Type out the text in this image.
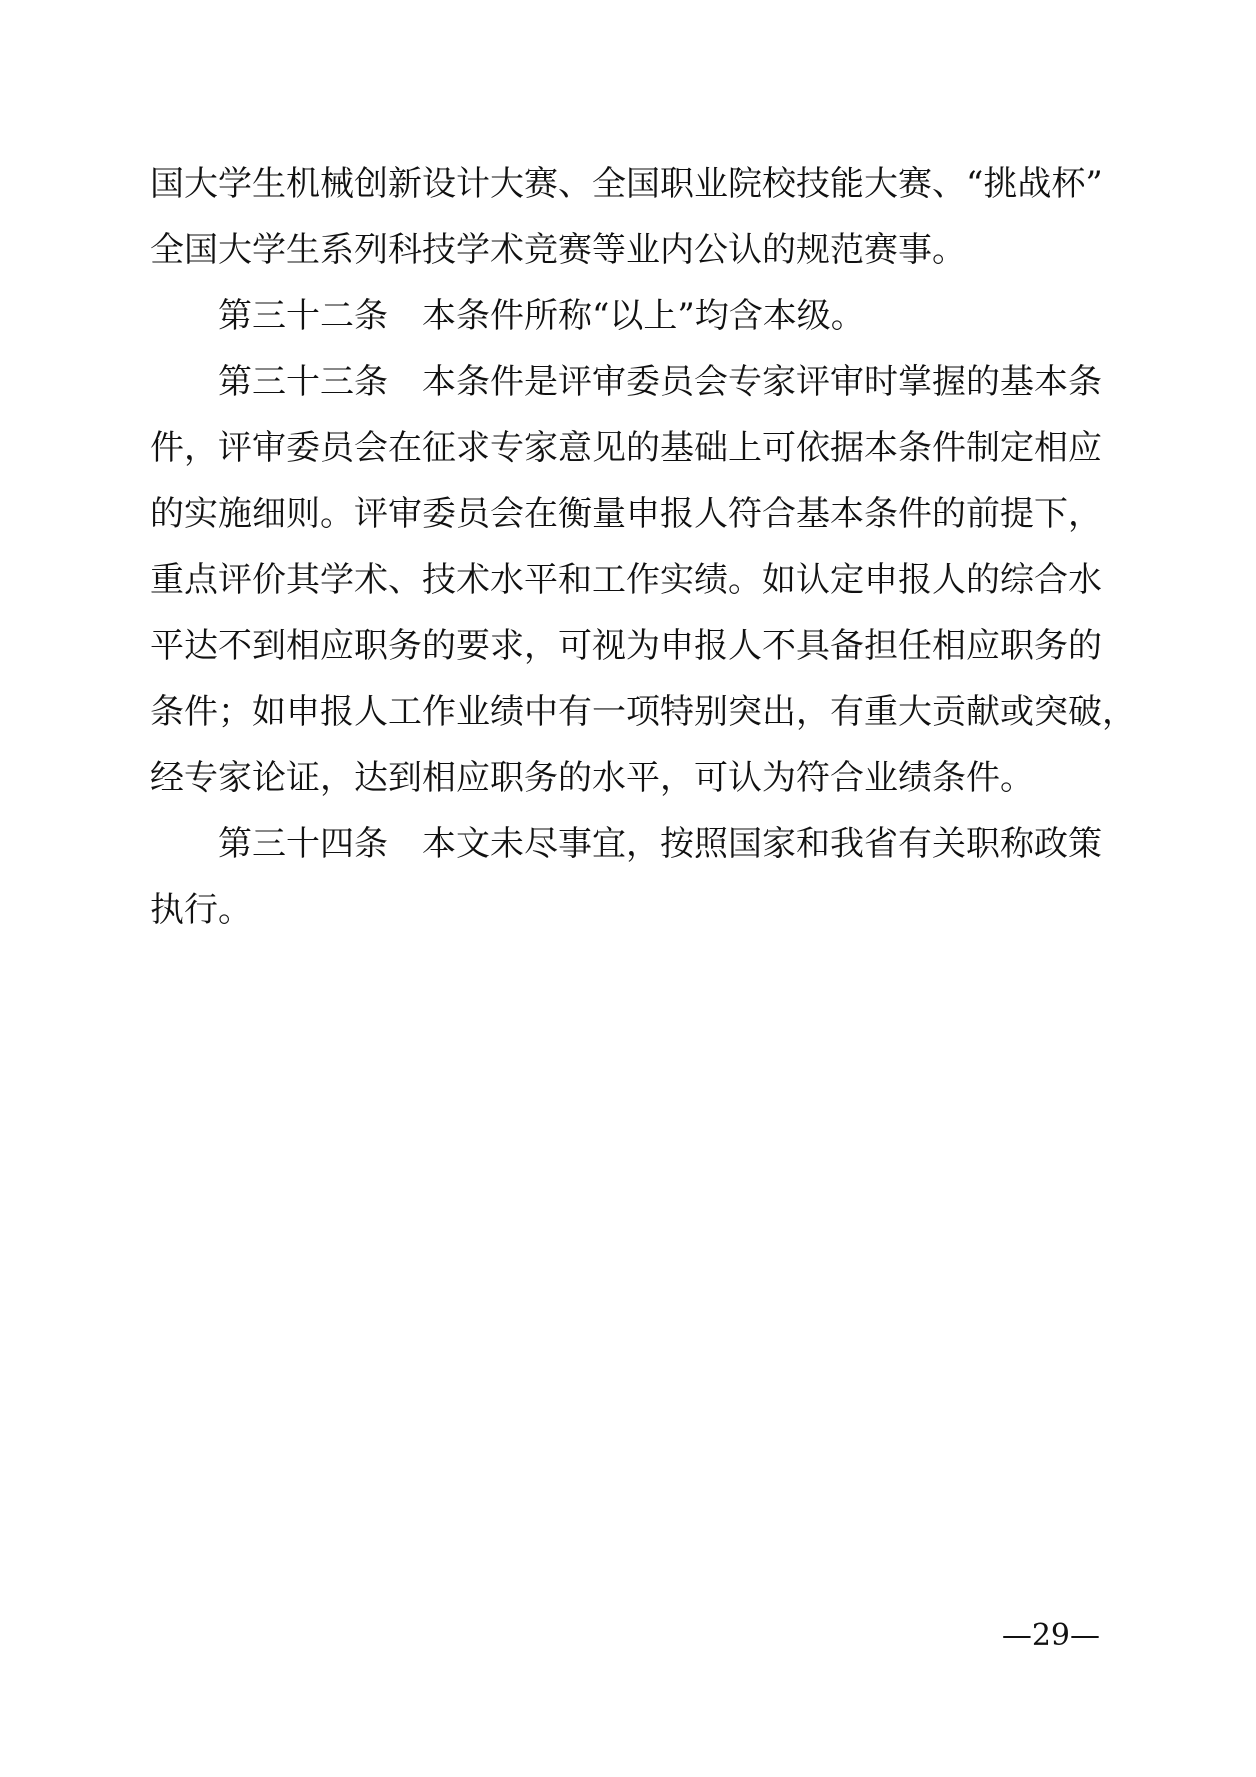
国大学生机械创新设计大赛、全国职业院校技能大赛、“挑战杯”
全国大学生系列科技学术竞赛等业内公认的规范赛事。
第三十二条　本条件所称“以上”均含本级。
第三十三条　本条件是评审委员会专家评审时掌握的基本条
件，评审委员会在征求专家意见的基础上可依据本条件制定相应
的实施细则。评审委员会在衡量申报人符合基本条件的前提下，
重点评价其学术、技术水平和工作实绩。如认定申报人的综合水
平达不到相应职务的要求，可视为申报人不具备担任相应职务的
条件；如申报人工作业绩中有一项特别突出，有重大贡献或突破，
经专家论证，达到相应职务的水平，可认为符合业绩条件。
第三十四条　本文未尽事宜，按照国家和我省有关职称政策
执行。
—29—
